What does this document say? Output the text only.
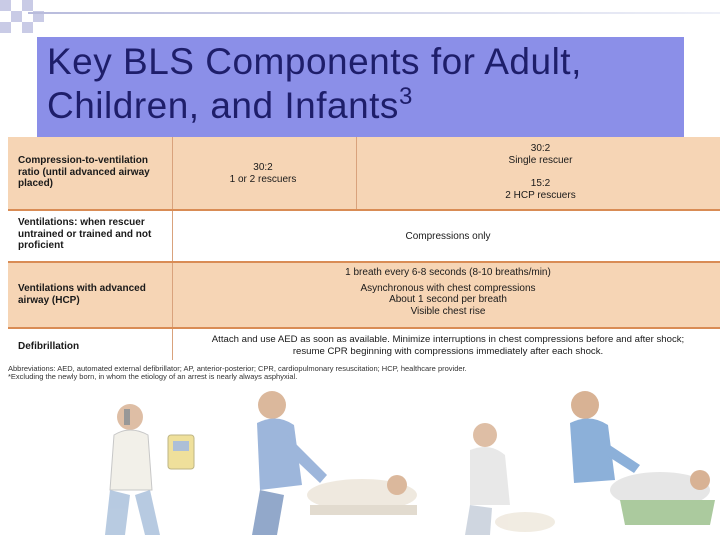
Key BLS Components for Adult,
Children, and Infants$^3$
Compression-to-ventilation ratio (until advanced airway placed)
30:2
1 or 2 rescuers
30:2
Single rescuer
15:2
2 HCP rescuers
Ventilations: when rescuer untrained or trained and not proficient
Compressions only
Ventilations with advanced airway (HCP)
1 breath every 6-8 seconds (8-10 breaths/min)
Asynchronous with chest compressions
About 1 second per breath
Visible chest rise
Defibrillation
Attach and use AED as soon as available. Minimize interruptions in chest compressions before and after shock;
resume CPR beginning with compressions immediately after each shock.
Abbreviations: AED, automated external defibrillator; AP, anterior-posterior; CPR, cardiopulmonary resuscitation; HCP, healthcare provider.
*Excluding the newly born, in whom the etiology of an arrest is nearly always asphyxial.
